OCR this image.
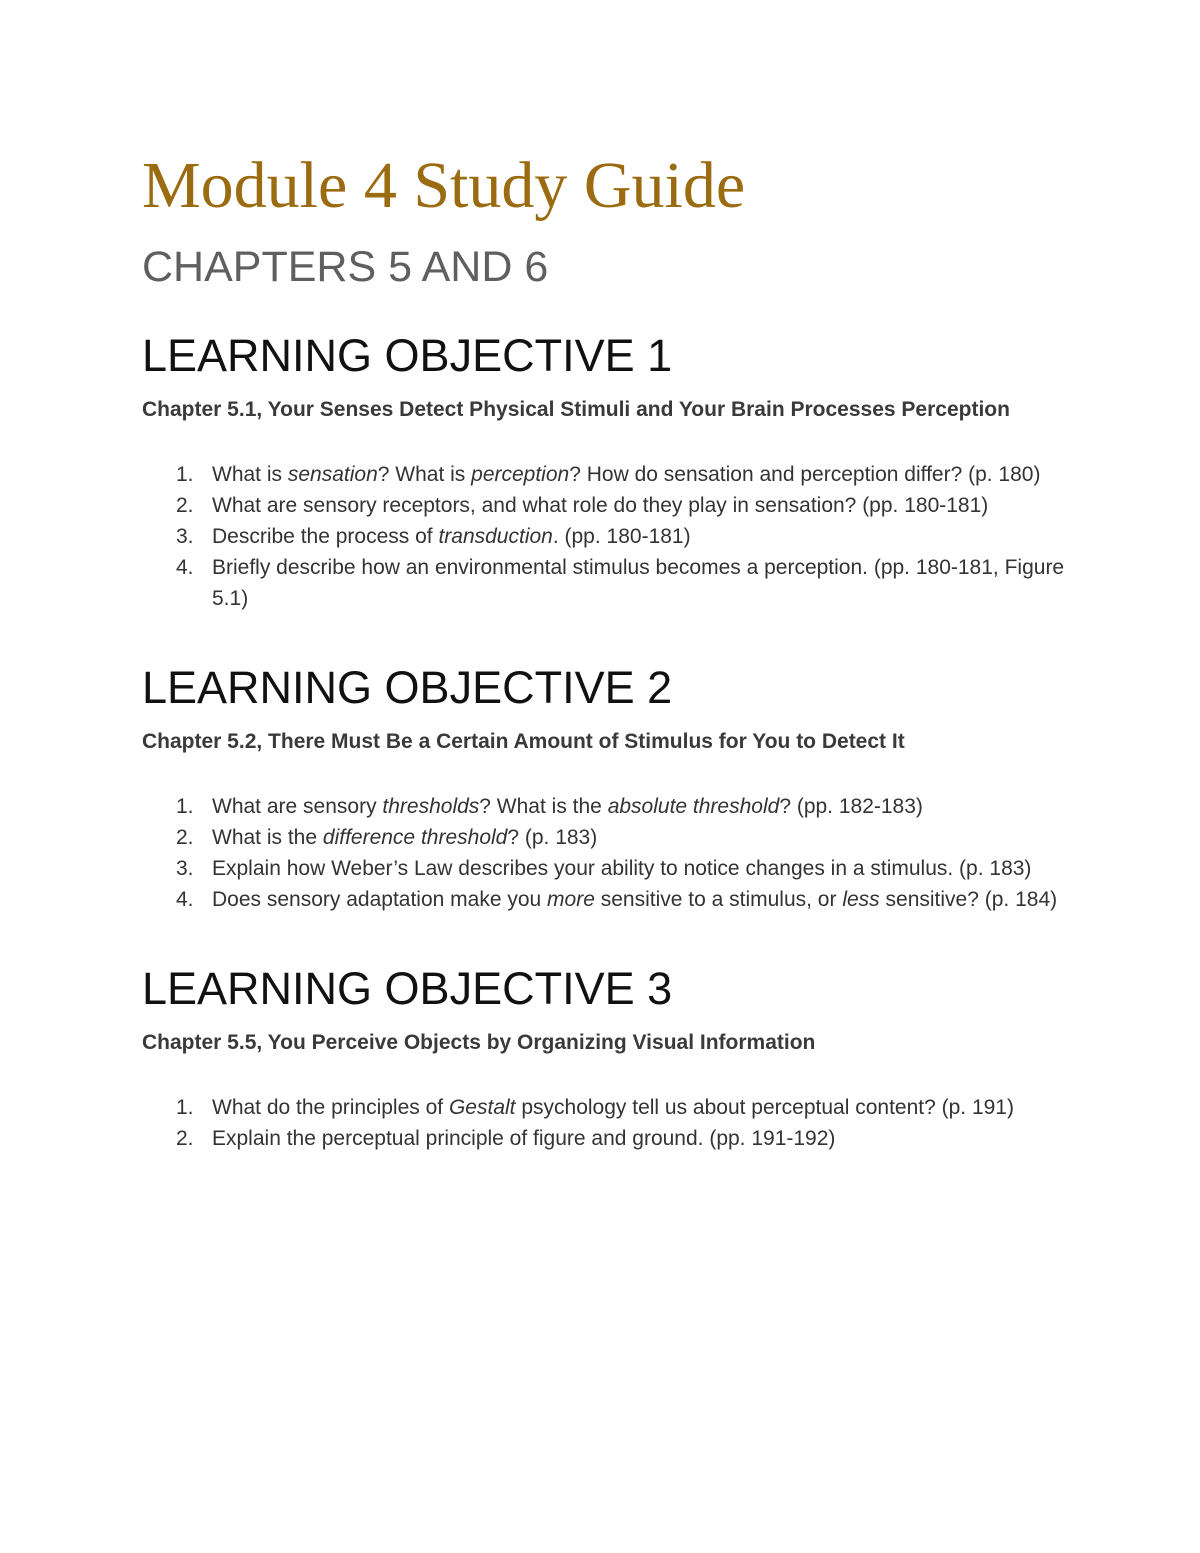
Module 4 Study Guide
CHAPTERS 5 AND 6
LEARNING OBJECTIVE 1

Chapter 5.1, Your Senses Detect Physical Stimuli and Your Brain Processes Perception

1. What is sensation? What is perception? How do sensation and perception differ? (p. 180)
2. What are sensory receptors, and what role do they play in sensation? (pp. 180-181)
3. Describe the process of transduction. (pp. 180-181)
4. Briefly describe how an environmental stimulus becomes a perception. (pp. 180-181, Figure 5.1)
LEARNING OBJECTIVE 2

Chapter 5.2, There Must Be a Certain Amount of Stimulus for You to Detect It

1. What are sensory thresholds? What is the absolute threshold? (pp. 182-183)
2. What is the difference threshold? (p. 183)
3. Explain how Weber’s Law describes your ability to notice changes in a stimulus. (p. 183)
4. Does sensory adaptation make you more sensitive to a stimulus, or less sensitive? (p. 184)
LEARNING OBJECTIVE 3

Chapter 5.5, You Perceive Objects by Organizing Visual Information

1. What do the principles of Gestalt psychology tell us about perceptual content? (p. 191)
2. Explain the perceptual principle of figure and ground. (pp. 191-192)
